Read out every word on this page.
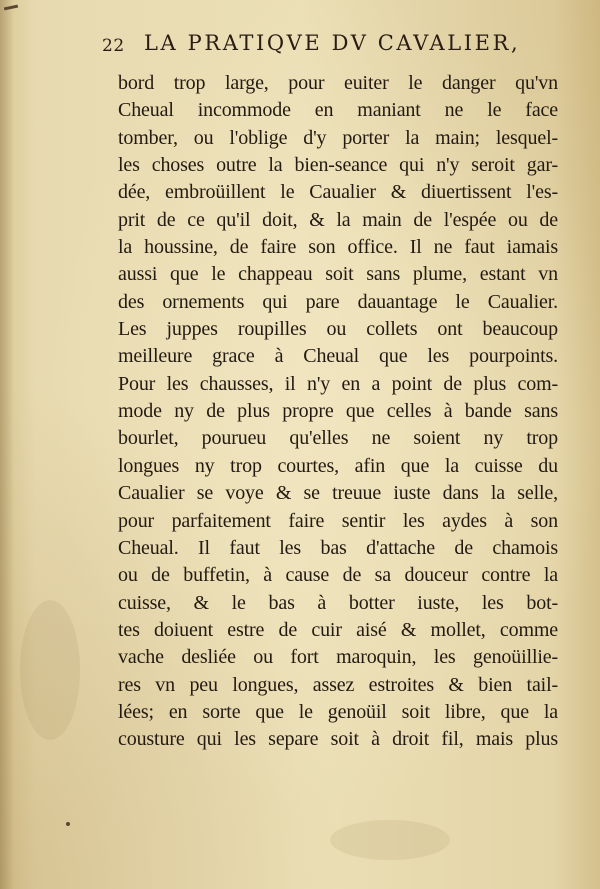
22 LA PRATIQVE DV CAVALIER,
bord trop large, pour euiter le danger qu'vn
Cheual incommode en maniant ne le face
tomber, ou l'oblige d'y porter la main; lesquel-
les choses outre la bien-seance qui n'y seroit gar-
dée, embroüillent le Caualier & diuertissent l'es-
prit de ce qu'il doit, & la main de l'espée ou de
la houssine, de faire son office. Il ne faut iamais
aussi que le chappeau soit sans plume, estant vn
des ornements qui pare dauantage le Caualier.
Les juppes roupilles ou collets ont beaucoup
meilleure grace à Cheual que les pourpoints.
Pour les chausses, il n'y en a point de plus com-
mode ny de plus propre que celles à bande sans
bourlet, pourueu qu'elles ne soient ny trop
longues ny trop courtes, afin que la cuisse du
Caualier se voye & se treuue iuste dans la selle,
pour parfaitement faire sentir les aydes à son
Cheual. Il faut les bas d'attache de chamois
ou de buffetin, à cause de sa douceur contre la
cuisse, & le bas à botter iuste, les bot-
tes doiuent estre de cuir aisé & mollet, comme
vache desliée ou fort maroquin, les genoüillie-
res vn peu longues, assez estroites & bien tail-
lées; en sorte que le genoüil soit libre, que la
cousture qui les separe soit à droit fil, mais plus
